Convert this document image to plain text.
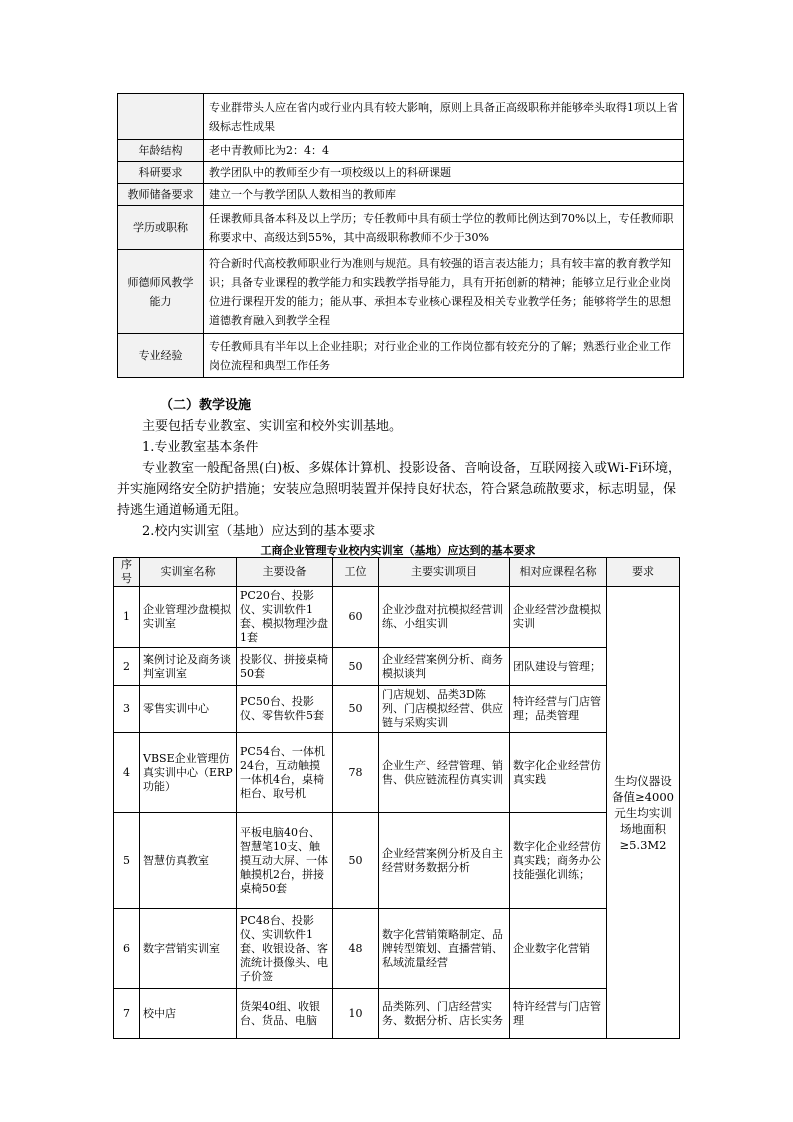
	专业群带头人应在省内或行业内具有较大影响，原则上具备正高级职称并能够牵头取得1项以上省级标志性成果
年龄结构	老中青教师比为2：4：4
科研要求	教学团队中的教师至少有一项校级以上的科研课题
教师储备要求	建立一个与教学团队人数相当的教师库
学历或职称	任课教师具备本科及以上学历；专任教师中具有硕士学位的教师比例达到70%以上，专任教师职称要求中、高级达到55%，其中高级职称教师不少于30%
师德师风教学能力	符合新时代高校教师职业行为准则与规范。具有较强的语言表达能力；具有较丰富的教育教学知识；具备专业课程的教学能力和实践教学指导能力，具有开拓创新的精神；能够立足行业企业岗位进行课程开发的能力；能从事、承担本专业核心课程及相关专业教学任务；能够将学生的思想道德教育融入到教学全程
专业经验	专任教师具有半年以上企业挂职；对行业企业的工作岗位都有较充分的了解；熟悉行业企业工作岗位流程和典型工作任务
（二）教学设施
主要包括专业教室、实训室和校外实训基地。
1.专业教室基本条件
专业教室一般配备黑(白)板、多媒体计算机、投影设备、音响设备，互联网接入或Wi-Fi环境，并实施网络安全防护措施；安装应急照明装置并保持良好状态，符合紧急疏散要求，标志明显，保持逃生通道畅通无阻。
2.校内实训室（基地）应达到的基本要求
工商企业管理专业校内实训室（基地）应达到的基本要求
序号	实训室名称	主要设备	工位	主要实训项目	相对应课程名称	要求
1	企业管理沙盘模拟实训室	PC20台、投影仪、实训软件1套、模拟物理沙盘1套	60	企业沙盘对抗模拟经营训练、小组实训	企业经营沙盘模拟实训	生均仪器设备值≥4000元生均实训场地面积≥5.3M2
2	案例讨论及商务谈判室训室	投影仪、拼接桌椅50套	50	企业经营案例分析、商务模拟谈判	团队建设与管理；	
3	零售实训中心	PC50台、投影仪、零售软件5套	50	门店规划、品类3D陈列、门店模拟经营、供应链与采购实训	特许经营与门店管理；品类管理	
4	VBSE企业管理仿真实训中心（ERP功能）	PC54台、一体机24台，互动触摸一体机4台，桌椅柜台、取号机	78	企业生产、经营管理、销售、供应链流程仿真实训	数字化企业经营仿真实践	
5	智慧仿真教室	平板电脑40台、智慧笔10支、触摸互动大屏、一体触摸机2台，拼接桌椅50套	50	企业经营案例分析及自主经营财务数据分析	数字化企业经营仿真实践；商务办公技能强化训练；	
6	数字营销实训室	PC48台、投影仪、实训软件1套、收银设备、客流统计摄像头、电子价签	48	数字化营销策略制定、品牌转型策划、直播营销、私域流量经营	企业数字化营销	
7	校中店	货架40组、收银台、货品、电脑	10	品类陈列、门店经营实务、数据分析、店长实务	特许经营与门店管理	
